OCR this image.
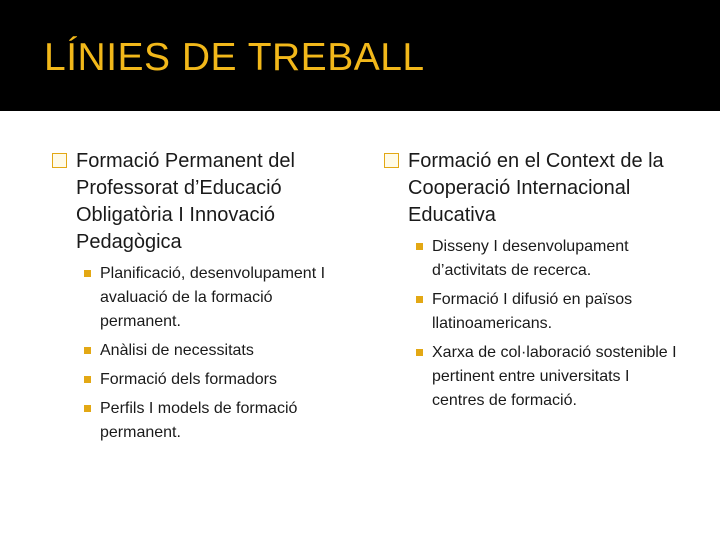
LÍNIES DE TREBALL
Formació Permanent del Professorat d’Educació Obligatòria I Innovació Pedagògica
Planificació, desenvolupament I avaluació de la formació permanent.
Anàlisi de necessitats
Formació dels formadors
Perfils I models de formació permanent.
Formació en el Context de la Cooperació Internacional Educativa
Disseny I desenvolupament d’activitats de recerca.
Formació I difusió en països llatinoamericans.
Xarxa de col·laboració sostenible I pertinent entre universitats I centres de formació.
